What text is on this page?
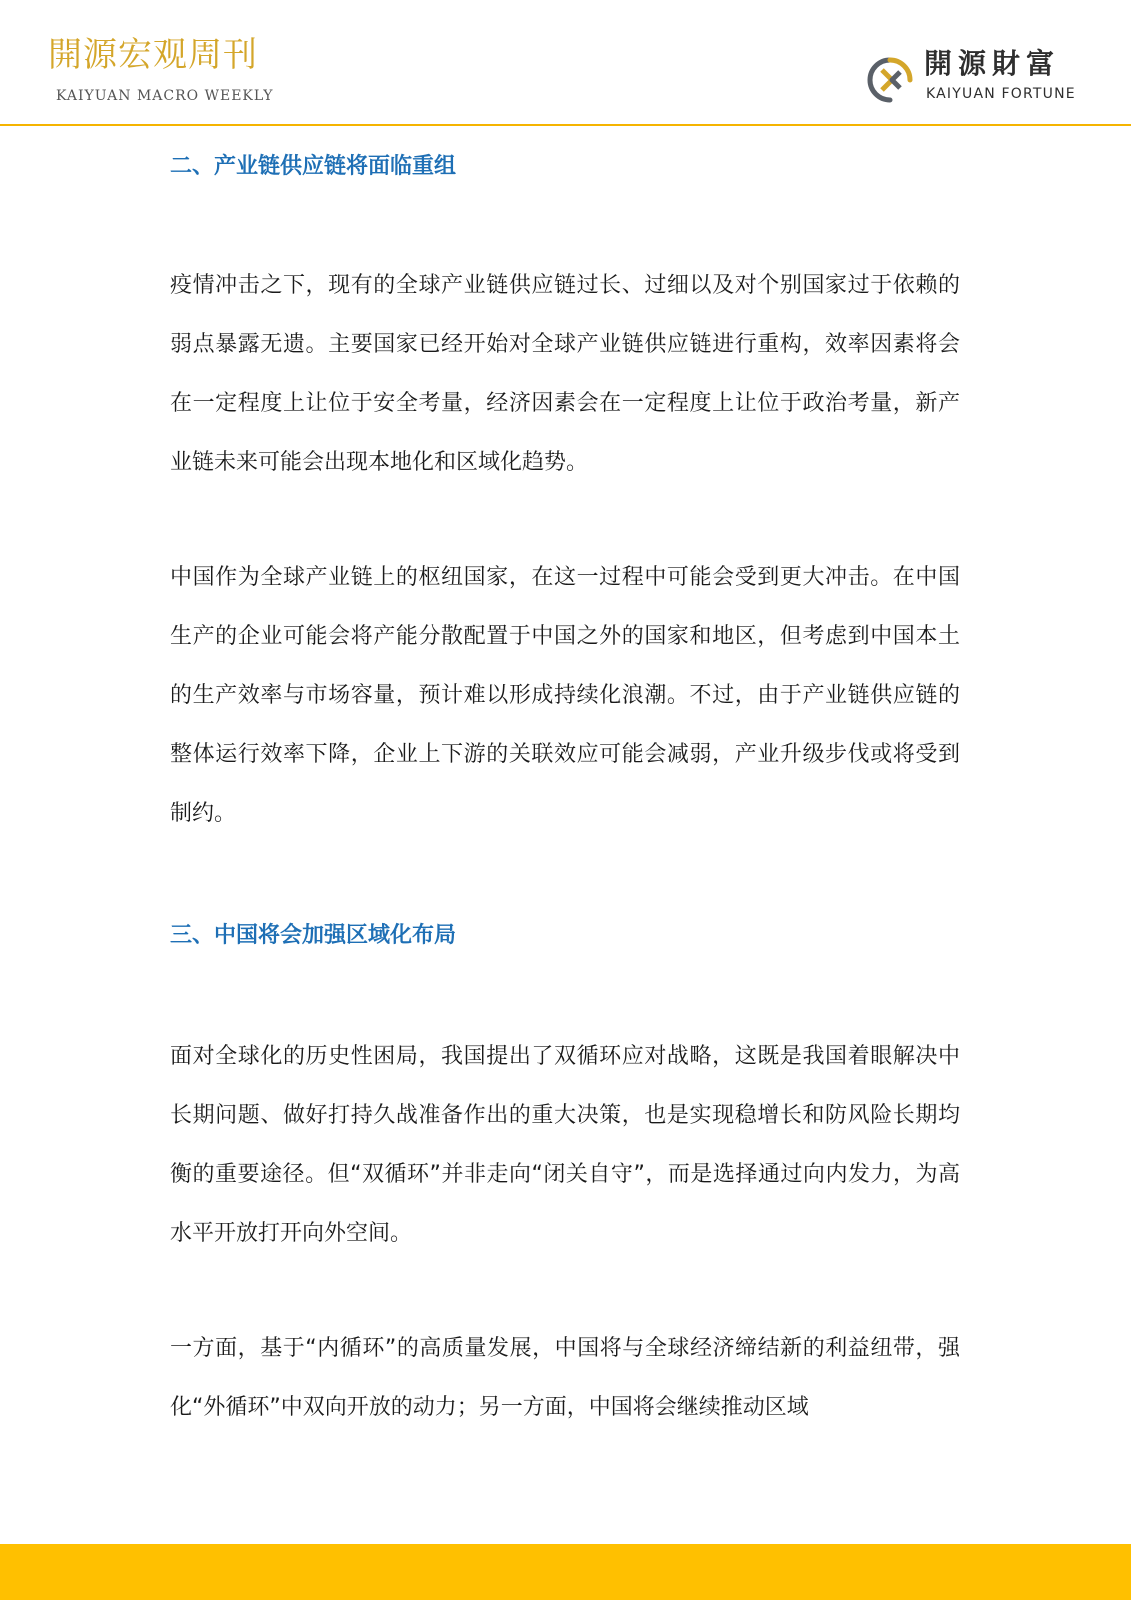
開源宏观周刊
KAIYUAN MACRO WEEKLY
開源財富
KAIYUAN FORTUNE
二、产业链供应链将面临重组

疫情冲击之下，现有的全球产业链供应链过长、过细以及对个别国家过于依赖的弱点暴露无遗。主要国家已经开始对全球产业链供应链进行重构，效率因素将会在一定程度上让位于安全考量，经济因素会在一定程度上让位于政治考量，新产业链未来可能会出现本地化和区域化趋势。

中国作为全球产业链上的枢纽国家，在这一过程中可能会受到更大冲击。在中国生产的企业可能会将产能分散配置于中国之外的国家和地区，但考虑到中国本土的生产效率与市场容量，预计难以形成持续化浪潮。不过，由于产业链供应链的整体运行效率下降，企业上下游的关联效应可能会减弱，产业升级步伐或将受到制约。

三、中国将会加强区域化布局

面对全球化的历史性困局，我国提出了双循环应对战略，这既是我国着眼解决中长期问题、做好打持久战准备作出的重大决策，也是实现稳增长和防风险长期均衡的重要途径。但“双循环”并非走向“闭关自守”，而是选择通过向内发力，为高水平开放打开向外空间。

一方面，基于“内循环”的高质量发展，中国将与全球经济缔结新的利益纽带，强化“外循环”中双向开放的动力；另一方面，中国将会继续推动区域
